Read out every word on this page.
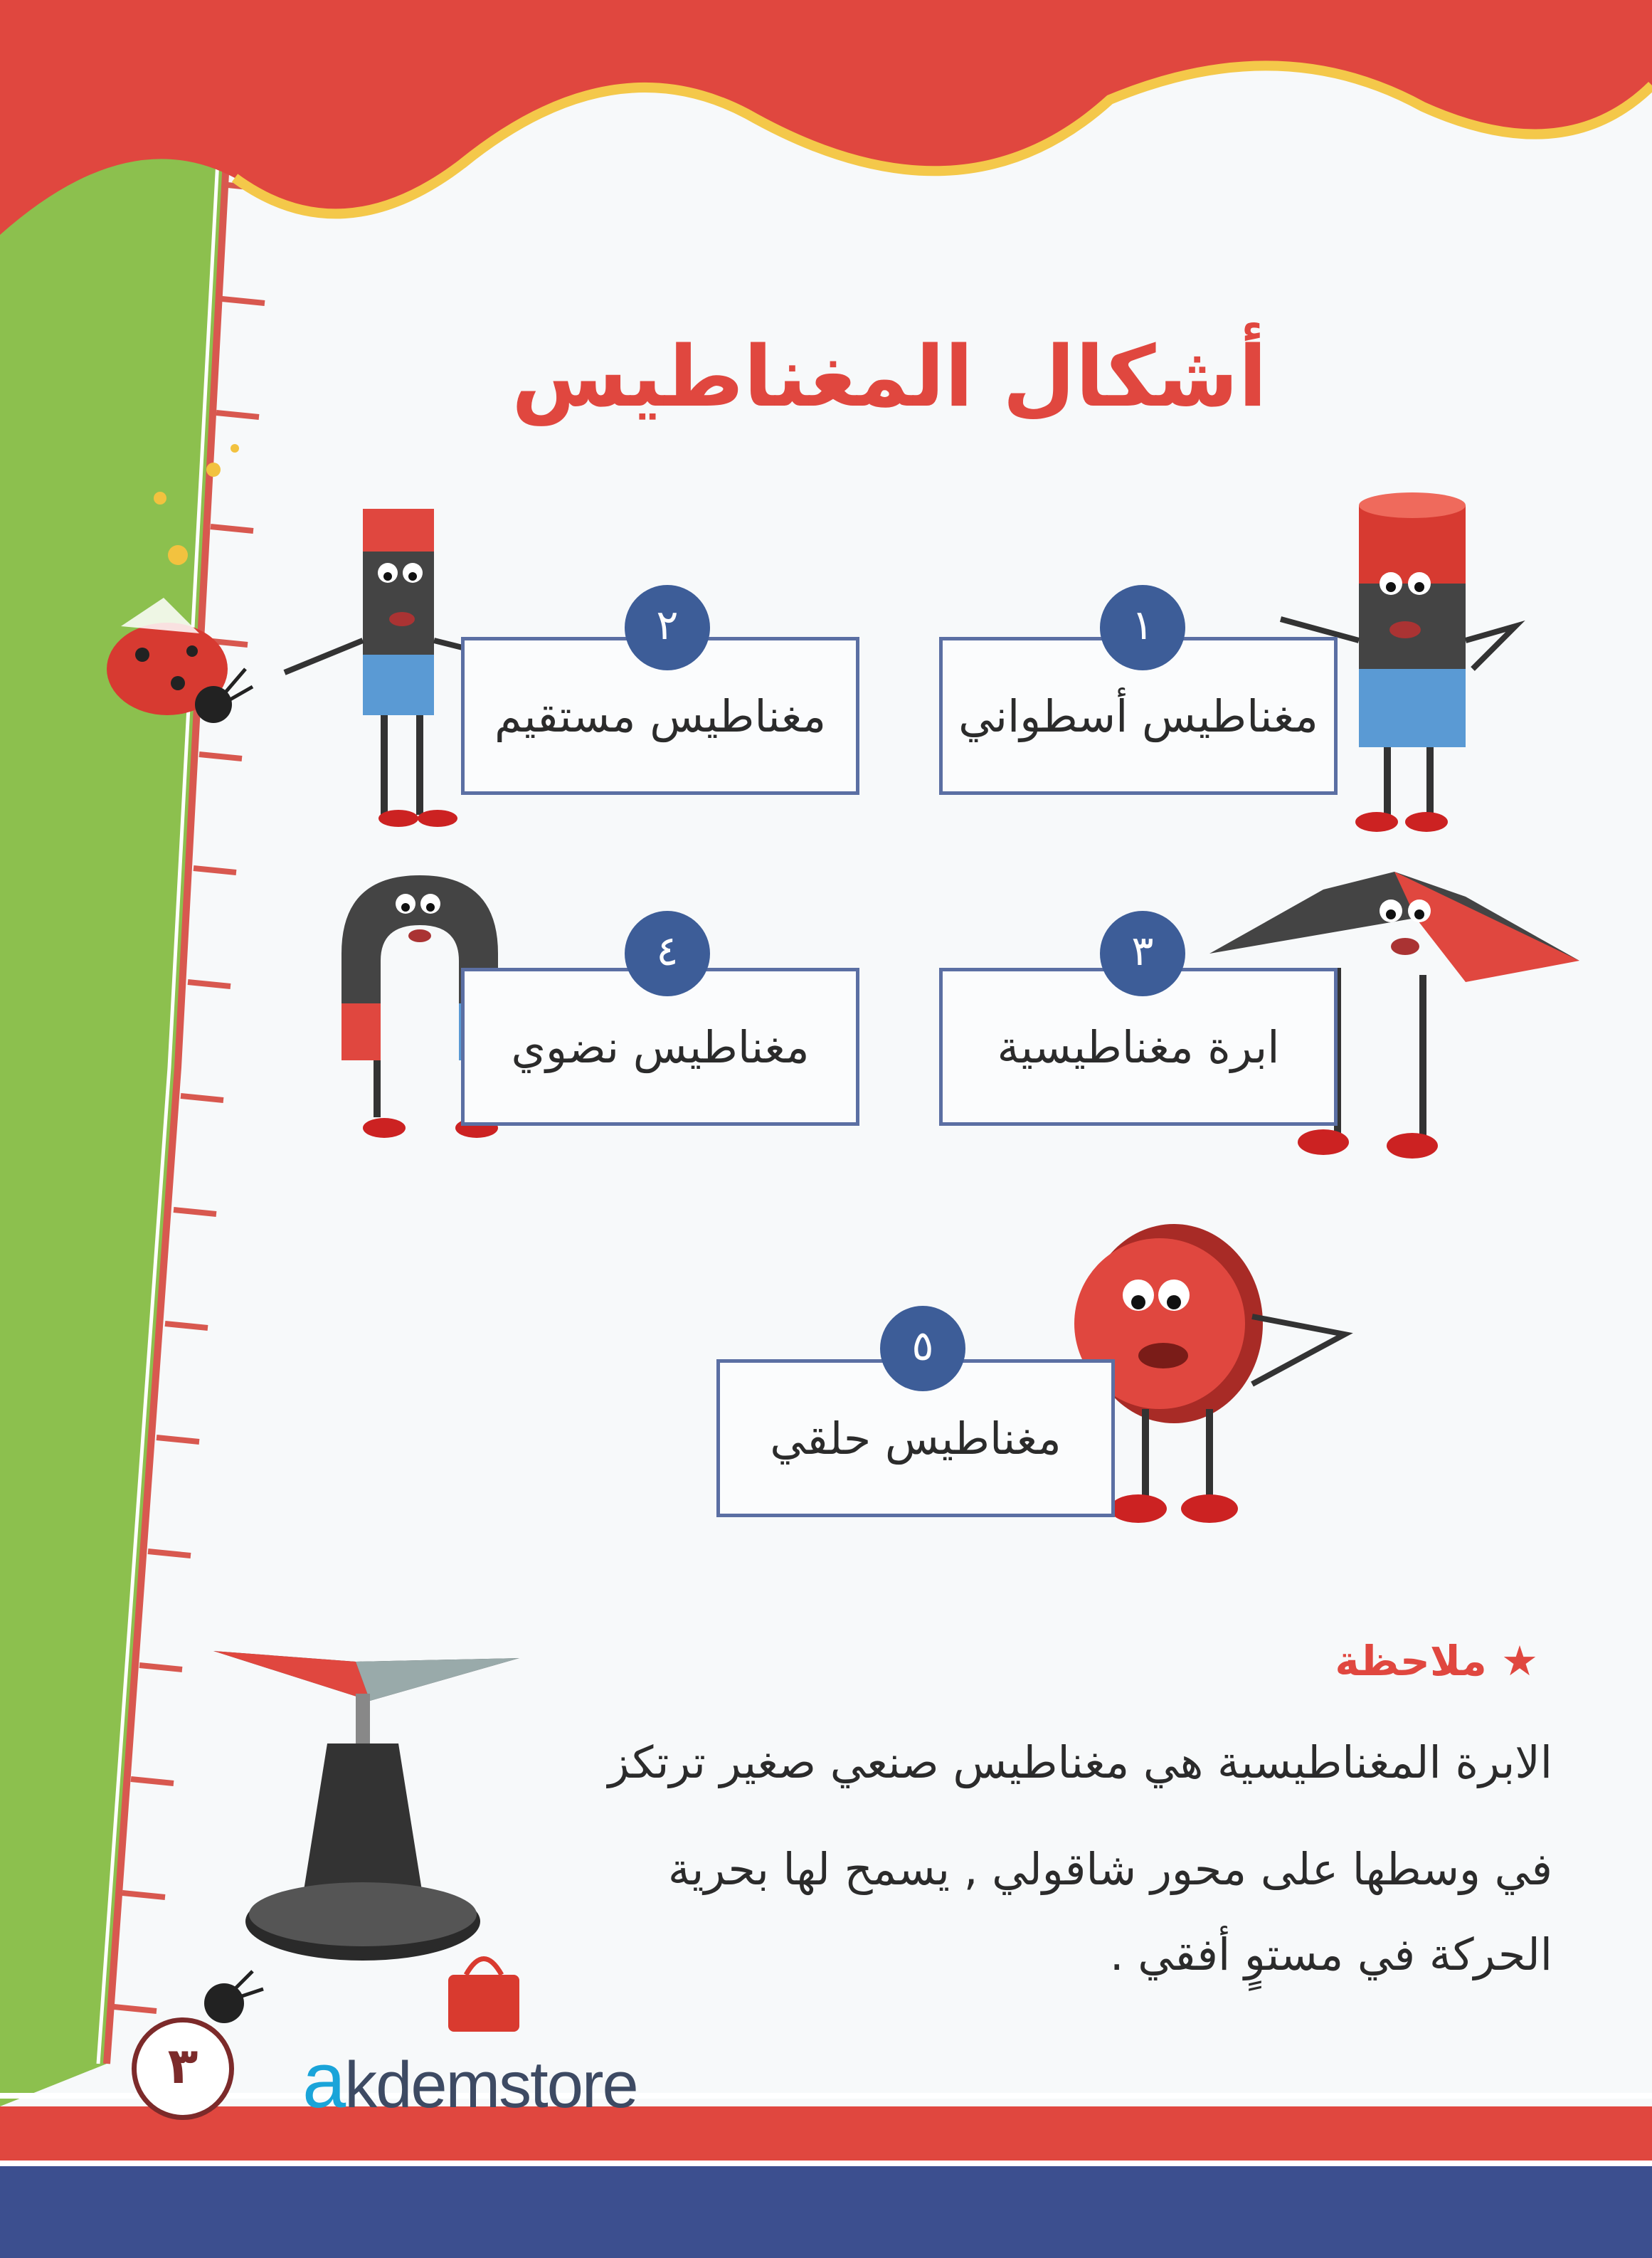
أشكال المغناطيس
مغناطيس أسطواني
١
مغناطيس مستقيم
٢
ابرة مغناطيسية
٣
مغناطيس نضوي
٤
مغناطيس حلقي
٥
★ ملاحظة
الابرة المغناطيسية هي مغناطيس صنعي صغير ترتكز
في وسطها على محور شاقولي , يسمح لها بحرية
الحركة في مستوٍ أفقي .
٣	akdemstore
